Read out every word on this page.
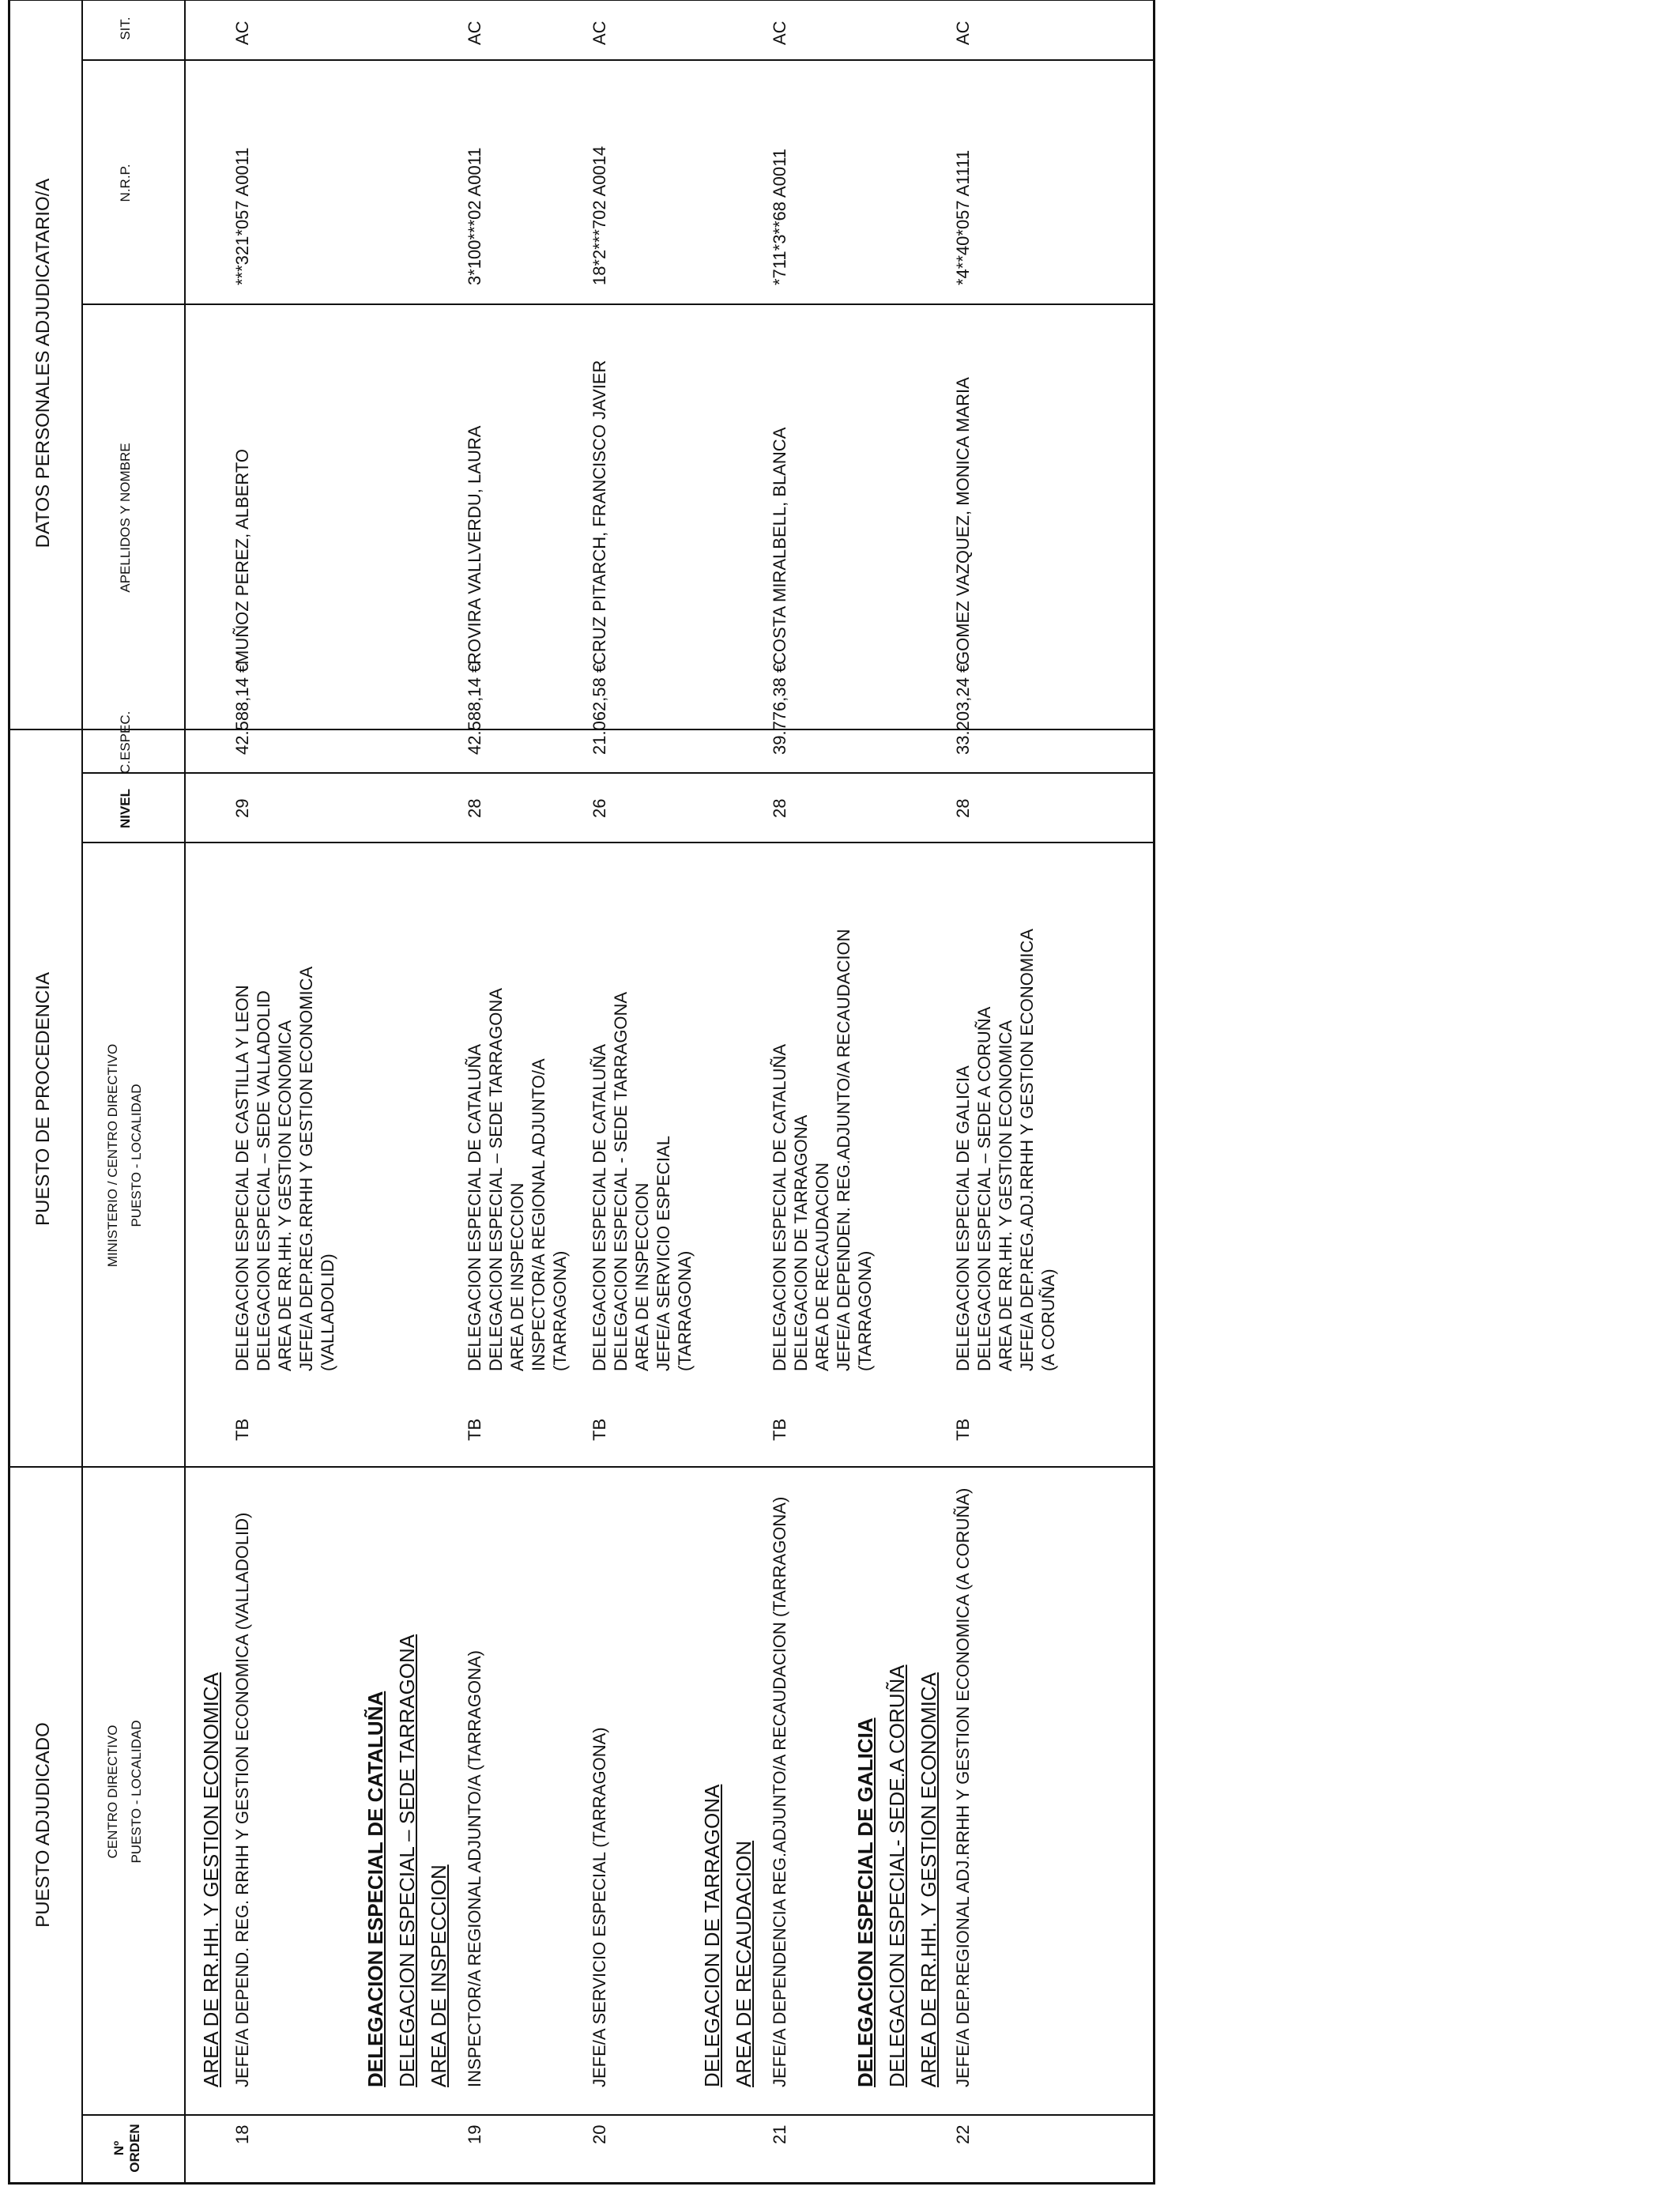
PUESTO ADJUDICADO
PUESTO DE PROCEDENCIA
DATOS PERSONALES ADJUDICATARIO/A
Nº ORDEN
CENTRO DIRECTIVO PUESTO - LOCALIDAD
MINISTERIO / CENTRO DIRECTIVO PUESTO - LOCALIDAD
NIVEL
C.ESPEC.
APELLIDOS Y NOMBRE
N.R.P.
SIT.
AREA DE RR.HH. Y GESTION ECONOMICA
18
JEFE/A DEPEND. REG. RRHH Y GESTION ECONOMICA (VALLADOLID)
TB
DELEGACION ESPECIAL DE CASTILLA Y LEON DELEGACION ESPECIAL – SEDE VALLADOLID AREA DE RR.HH. Y GESTION ECONOMICA JEFE/A DEP.REG.RRHH Y GESTION ECONOMICA (VALLADOLID)
29
42.588,14 €
MUÑOZ PEREZ, ALBERTO
***321*057 A0011
AC
DELEGACION ESPECIAL DE CATALUÑA DELEGACION ESPECIAL – SEDE TARRAGONA AREA DE INSPECCION
19
INSPECTOR/A REGIONAL ADJUNTO/A (TARRAGONA)
TB
DELEGACION ESPECIAL DE CATALUÑA DELEGACION ESPECIAL – SEDE TARRAGONA AREA DE INSPECCION INSPECTOR/A REGIONAL ADJUNTO/A (TARRAGONA)
28
42.588,14 €
ROVIRA VALLVERDU, LAURA
3*100***02 A0011
AC
20
JEFE/A SERVICIO ESPECIAL (TARRAGONA)
TB
DELEGACION ESPECIAL DE CATALUÑA DELEGACION ESPECIAL - SEDE TARRAGONA AREA DE INSPECCION JEFE/A SERVICIO ESPECIAL (TARRAGONA)
26
21.062,58 €
CRUZ PITARCH, FRANCISCO JAVIER
18*2***702 A0014
AC
DELEGACION DE TARRAGONA AREA DE RECAUDACION
21
JEFE/A DEPENDENCIA REG.ADJUNTO/A RECAUDACION (TARRAGONA)
TB
DELEGACION ESPECIAL DE CATALUÑA DELEGACION DE TARRAGONA AREA DE RECAUDACION JEFE/A DEPENDEN. REG.ADJUNTO/A RECAUDACION (TARRAGONA)
28
39.776,38 €
COSTA MIRALBELL, BLANCA
*711*3**68 A0011
AC
DELEGACION ESPECIAL DE GALICIA DELEGACION ESPECIAL- SEDE.A CORUÑA AREA DE RR.HH. Y GESTION ECONOMICA
22
JEFE/A DEP.REGIONAL ADJ.RRHH Y GESTION ECONOMICA (A CORUÑA)
TB
DELEGACION ESPECIAL DE GALICIA DELEGACION ESPECIAL – SEDE A CORUÑA AREA DE RR.HH. Y GESTION ECONOMICA JEFE/A DEP.REG.ADJ.RRHH Y GESTION ECONOMICA (A CORUÑA)
28
33.203,24 €
GOMEZ VAZQUEZ, MONICA MARIA
*4**40*057 A1111
AC
